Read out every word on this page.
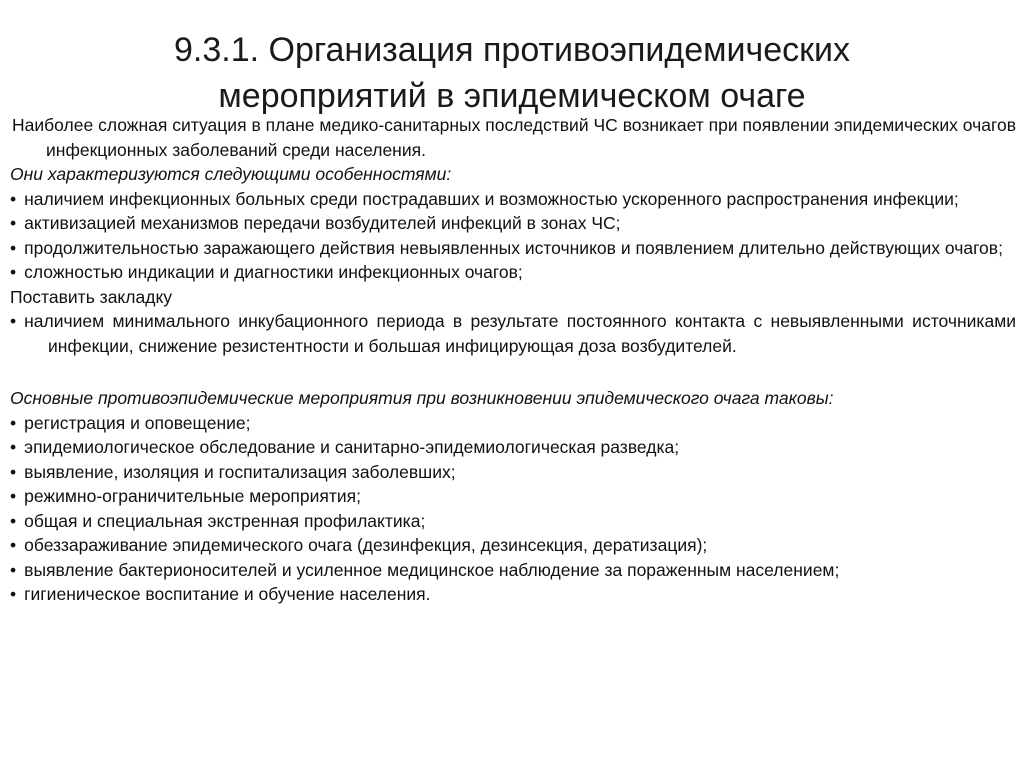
9.3.1. Организация противоэпидемических
мероприятий в эпидемическом очаге

Наиболее сложная ситуация в плане медико-санитарных последствий ЧС возникает при появлении эпидемических очагов инфекционных заболеваний среди населения.

Они характеризуются следующими особенностями:

• наличием инфекционных больных среди пострадавших и возможностью ускоренного распространения инфекции;

• активизацией механизмов передачи возбудителей инфекций в зонах ЧС;

• продолжительностью заражающего действия невыявленных источников и появлением длительно действующих очагов;

• сложностью индикации и диагностики инфекционных очагов;

Поставить закладку

• наличием минимального инкубационного периода в результате постоянного контакта с невыявленными источниками инфекции, снижение резистентности и большая инфицирующая доза возбудителей.

Основные противоэпидемические мероприятия при возникновении эпидемического очага таковы:

• регистрация и оповещение;

• эпидемиологическое обследование и санитарно-эпидемиологическая разведка;

• выявление, изоляция и госпитализация заболевших;

• режимно-ограничительные мероприятия;

• общая и специальная экстренная профилактика;

• обеззараживание эпидемического очага (дезинфекция, дезинсекция, дератизация);

• выявление бактерионосителей и усиленное медицинское наблюдение за пораженным населением;

• гигиеническое воспитание и обучение населения.
